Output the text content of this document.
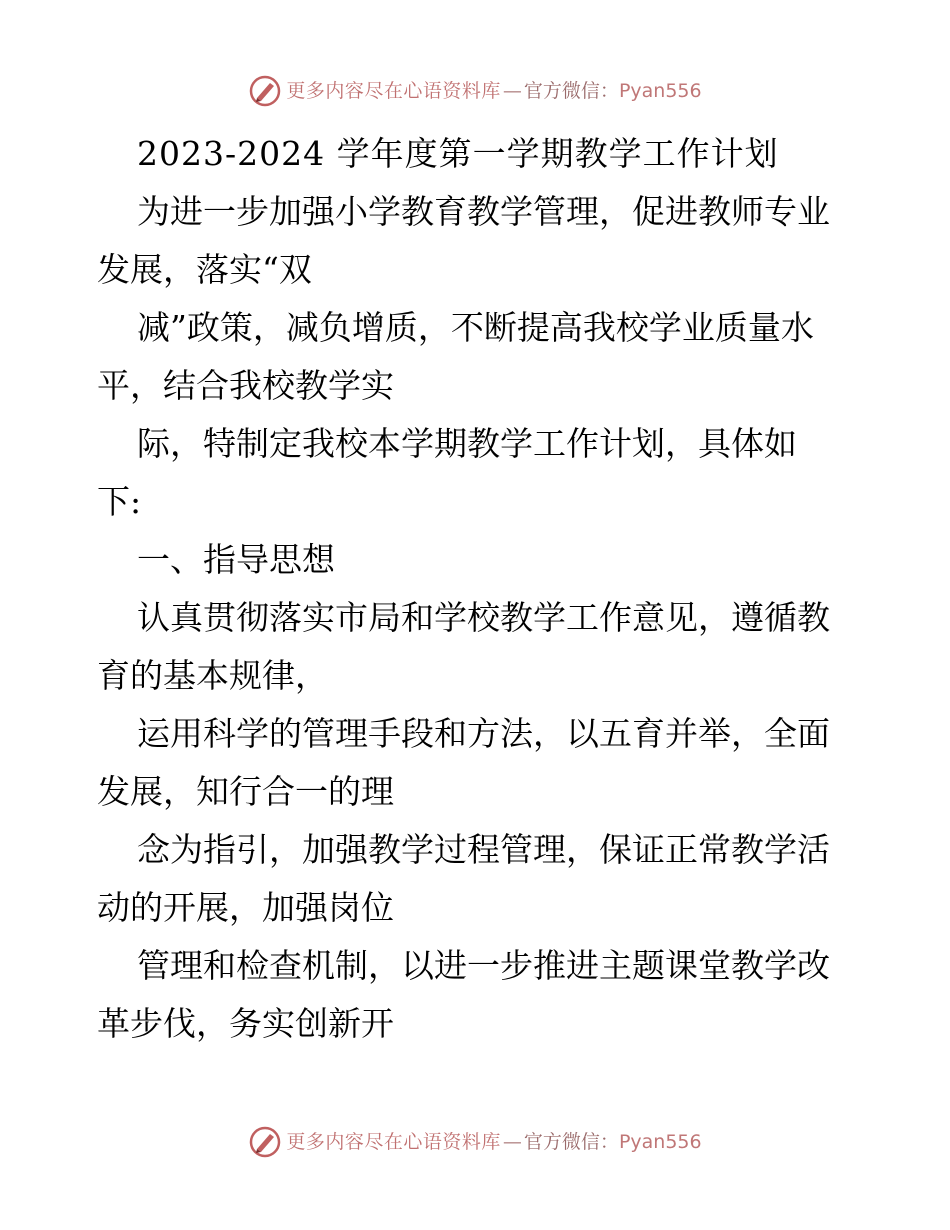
更多内容尽在心语资料库 — 官方微信： Pyan556
2023-2024 学年度第一学期教学工作计划
为进一步加强小学教育教学管理，促进教师专业
发展，落实“双
减”政策，减负增质，不断提高我校学业质量水
平，结合我校教学实
际，特制定我校本学期教学工作计划，具体如
下:
一、指导思想
认真贯彻落实市局和学校教学工作意见，遵循教
育的基本规律，
运用科学的管理手段和方法，以五育并举，全面
发展，知行合一的理
念为指引，加强教学过程管理，保证正常教学活
动的开展，加强岗位
管理和检查机制，以进一步推进主题课堂教学改
革步伐，务实创新开
更多内容尽在心语资料库 — 官方微信： Pyan556
